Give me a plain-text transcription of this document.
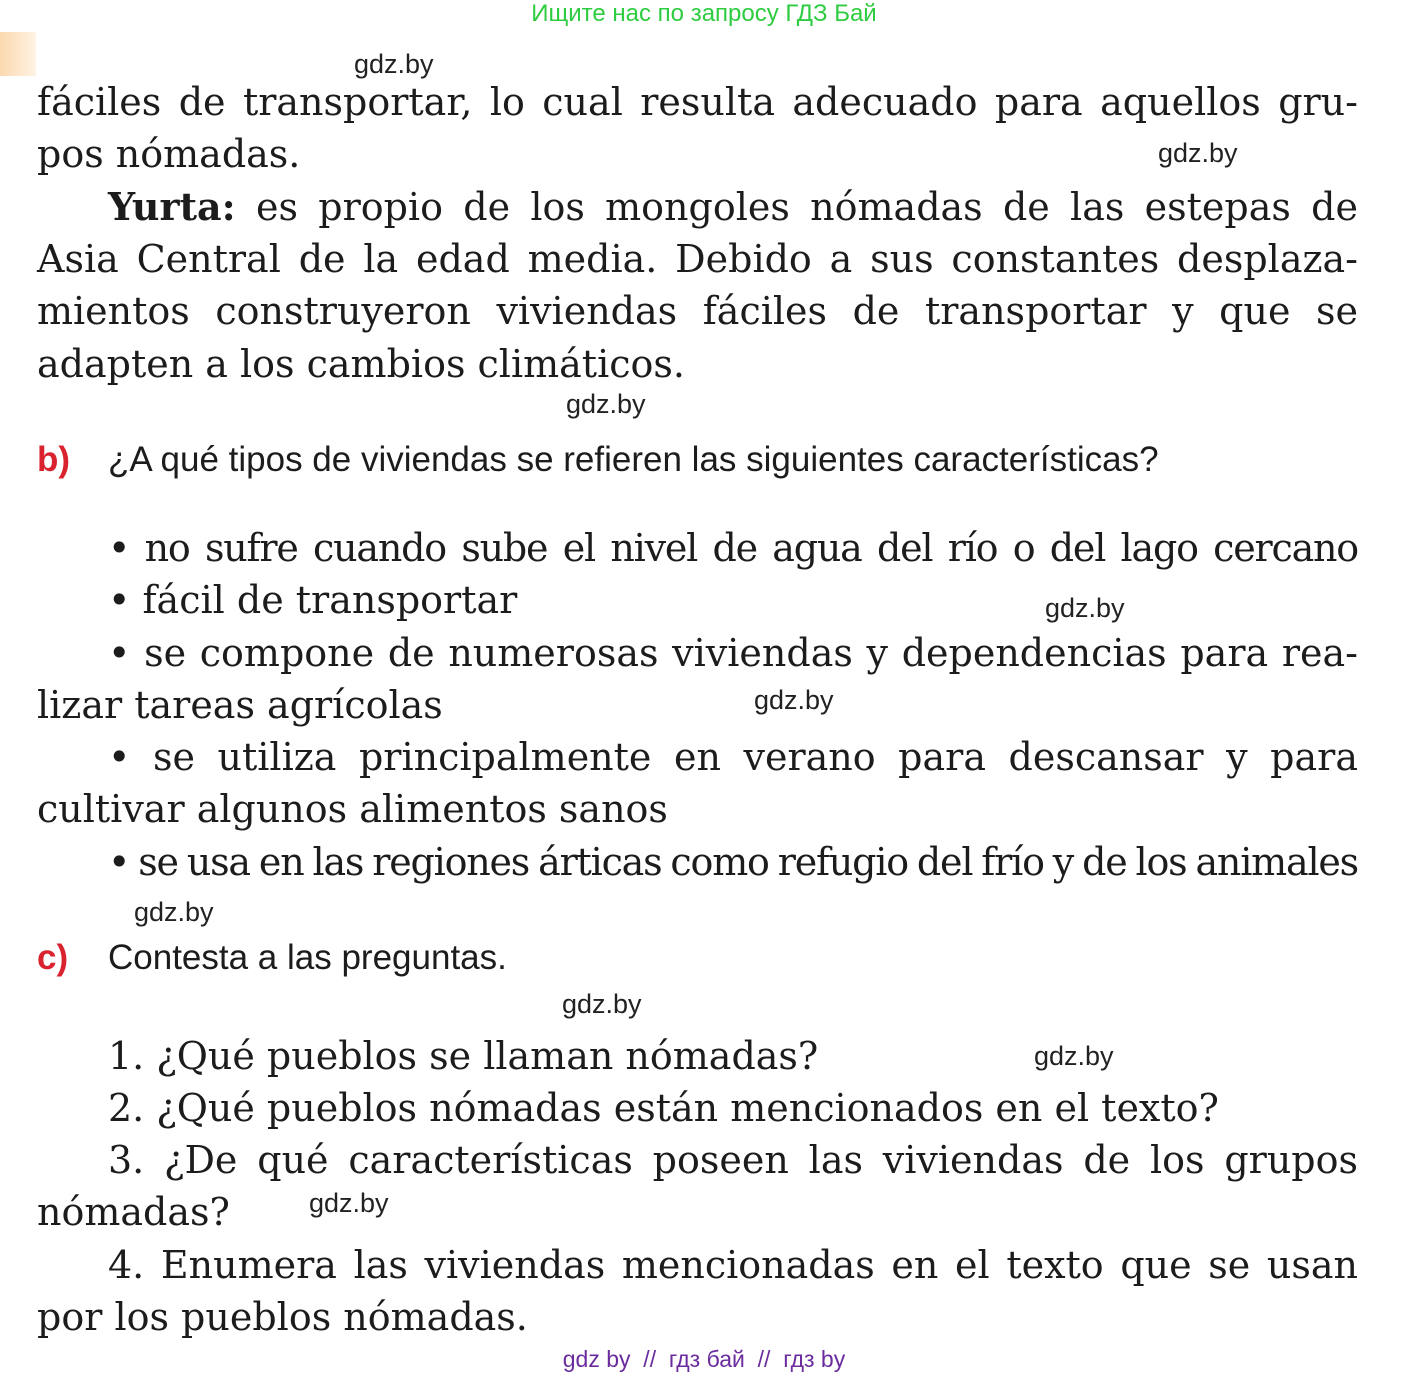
Ищите нас по запросу ГДЗ Бай
fáciles de transportar, lo cual resulta adecuado para aquellos gru-
pos nómadas.
Yurta: es propio de los mongoles nómadas de las estepas de
Asia Central de la edad media. Debido a sus constantes desplaza-
mientos construyeron viviendas fáciles de transportar y que se
adapten a los cambios climáticos.
b) ¿A qué tipos de viviendas se refieren las siguientes características?
• no sufre cuando sube el nivel de agua del río o del lago cercano
• fácil de transportar
• se compone de numerosas viviendas y dependencias para rea-
lizar tareas agrícolas
• se utiliza principalmente en verano para descansar y para
cultivar algunos alimentos sanos
• se usa en las regiones árticas como refugio del frío y de los animales
c) Contesta a las preguntas.
1. ¿Qué pueblos se llaman nómadas?
2. ¿Qué pueblos nómadas están mencionados en el texto?
3. ¿De qué características poseen las viviendas de los grupos
nómadas?
4. Enumera las viviendas mencionadas en el texto que se usan
por los pueblos nómadas.
gdz.by
gdz.by
gdz.by
gdz.by
gdz.by
gdz.by
gdz.by
gdz.by
gdz.by
gdz by  //  гдз бай  //  гдз by
